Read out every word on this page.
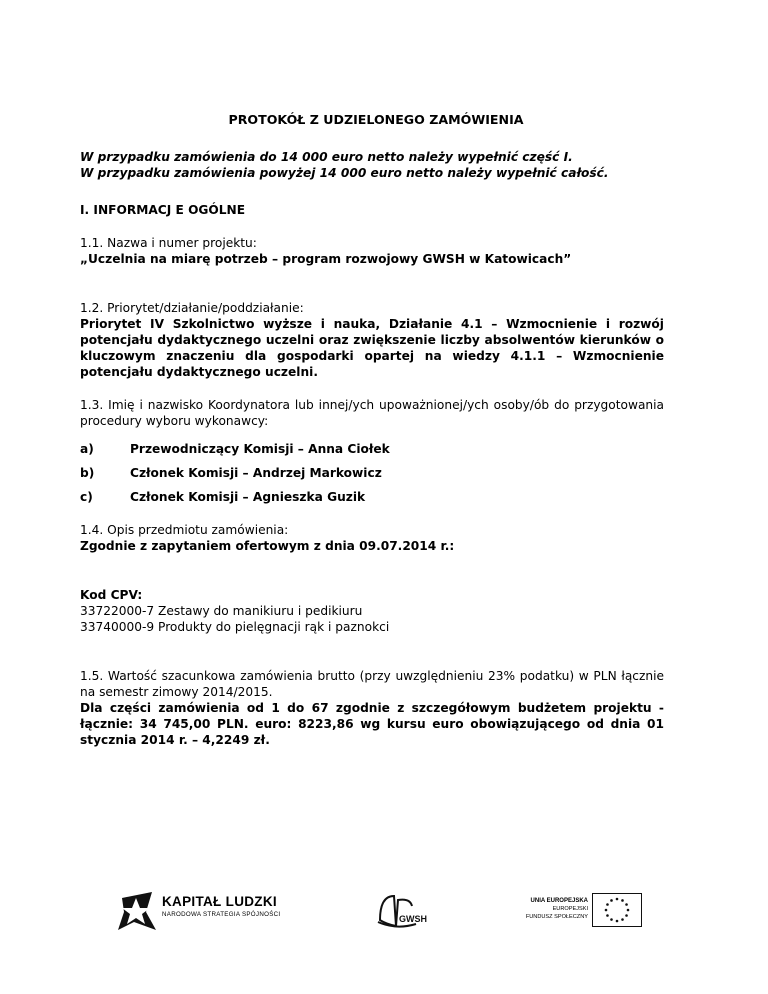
PROTOKÓŁ Z UDZIELONEGO ZAMÓWIENIA
W przypadku zamówienia do 14 000 euro netto należy wypełnić część I.
W przypadku zamówienia powyżej 14 000 euro netto należy wypełnić całość.
I. INFORMACJ E OGÓLNE
1.1. Nazwa i numer projektu:
„Uczelnia na miarę potrzeb – program rozwojowy GWSH w Katowicach”
1.2. Priorytet/działanie/poddziałanie:
Priorytet IV Szkolnictwo wyższe i nauka, Działanie 4.1 – Wzmocnienie i rozwój potencjału dydaktycznego uczelni oraz zwiększenie liczby absolwentów kierunków o kluczowym znaczeniu dla gospodarki opartej na wiedzy 4.1.1 – Wzmocnienie potencjału dydaktycznego uczelni.
1.3. Imię i nazwisko Koordynatora lub innej/ych upoważnionej/ych osoby/ób do przygotowania procedury wyboru wykonawcy:
a)	Przewodniczący Komisji – Anna Ciołek
b)	Członek Komisji – Andrzej Markowicz
c)	Członek Komisji – Agnieszka Guzik
1.4. Opis przedmiotu zamówienia:
Zgodnie z zapytaniem ofertowym z dnia 09.07.2014 r.:
Kod CPV:
33722000-7 Zestawy do manikiuru i pedikiuru
33740000-9 Produkty do pielęgnacji rąk i paznokci
1.5. Wartość szacunkowa zamówienia brutto (przy uwzględnieniu 23% podatku) w PLN łącznie na semestr zimowy 2014/2015.
Dla części zamówienia od 1 do 67 zgodnie z szczegółowym budżetem projektu - łącznie: 34 745,00 PLN. euro: 8223,86 wg kursu euro obowiązującego od dnia 01 stycznia 2014 r. – 4,2249 zł.
KAPITAŁ LUDZKI
NARODOWA STRATEGIA SPÓJNOŚCI	GWSH
UNIA EUROPEJSKA
EUROPEJSKI
FUNDUSZ SPOŁECZNY
